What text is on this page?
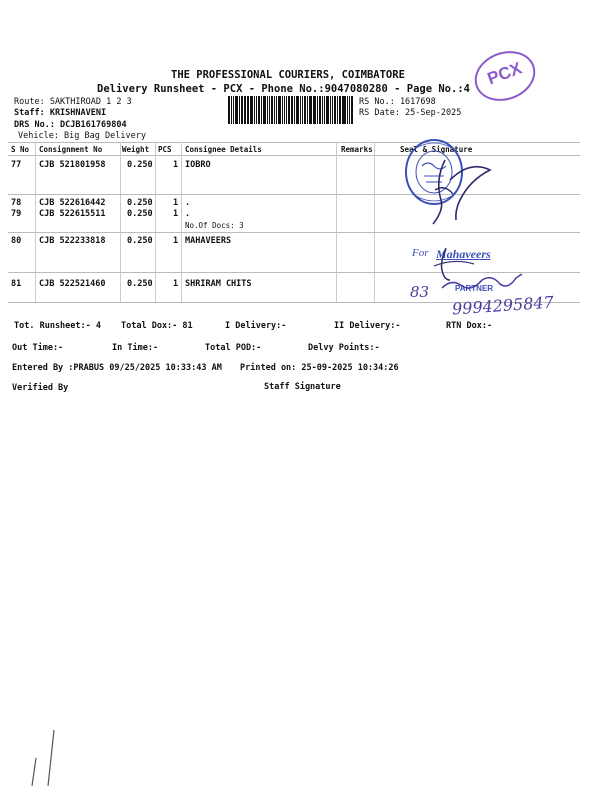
THE PROFESSIONAL COURIERS, COIMBATORE
Delivery Runsheet - PCX - Phone No.:9047080280 - Page No.:4
PCX
Route: SAKTHIROAD 1 2 3
Staff: KRISHNAVENI
DRS No.: DCJB161769804
Vehicle: Big Bag Delivery
RS No.: 1617698
RS Date: 25-Sep-2025
S No Consignment No	Weight PCS Consignee Details	Remarks	Seal & Signature
77 CJB 521801958	0.250 1 IOBRO
78 CJB 522616442	0.250 1 .
79 CJB 522615511	0.250 1 .
No.Of Docs: 3
80 CJB 522233818	0.250 1 MAHAVEERS
81 CJB 522521460	0.250 1 SHRIRAM CHITS
For Mahaveers
83	PARTNER
9994295847
Tot. Runsheet:- 4 Total Dox:- 81	I Delivery:-	II Delivery:-	RTN Dox:-
Out Time:-	In Time:-	Total POD:-	Delvy Points:-
Entered By :PRABUS 09/25/2025 10:33:43 AM Printed on: 25-09-2025 10:34:26
Verified By	Staff Signature
